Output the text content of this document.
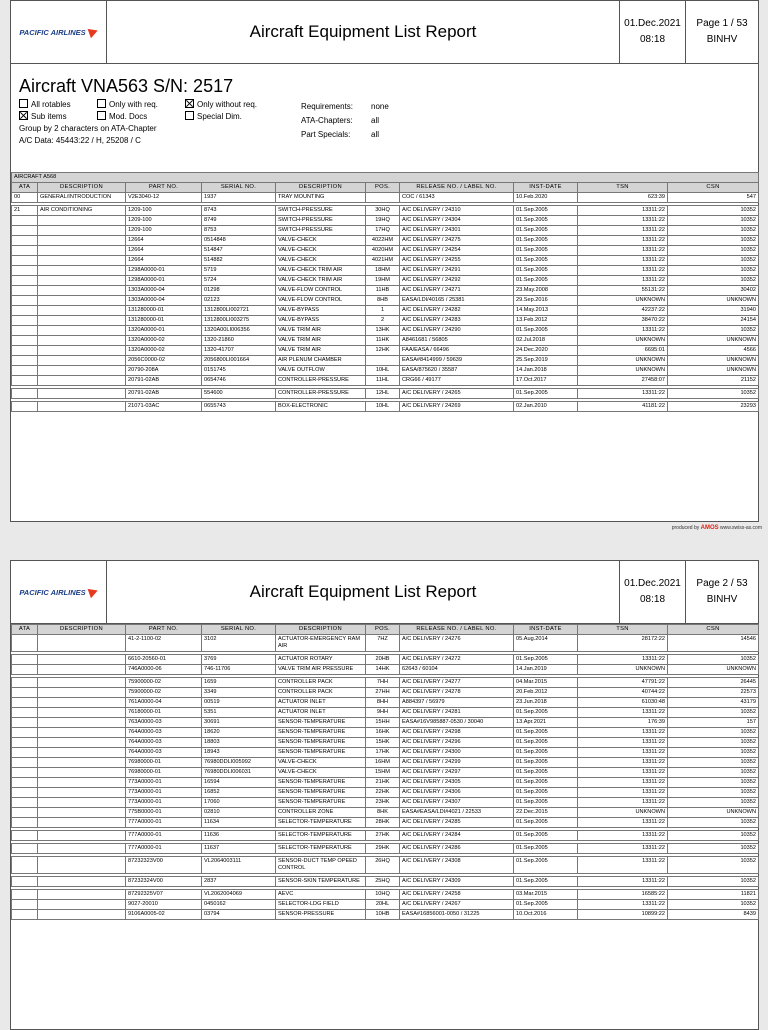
PACIFIC AIRLINES	Aircraft Equipment List Report	01.Dec.2021
08:18
Page 1 / 53
BINHV
Aircraft VNA563 S/N: 2517
All rotables	Only with req.	Only without req.
Sub items	Mod. Docs	Special Dim.
Group by 2 characters on ATA-Chapter
A/C Data: 45443:22 / H, 25208 / C
Requirements:	none
ATA-Chapters:	all
Part Specials:	all
AIRCRAFT A568									
ATA	DESCRIPTION	PART NO.	SERIAL NO.	DESCRIPTION	POS.	RELEASE NO. / LABEL NO.	INST-DATE	TSN	CSN
00	GENERAL/INTRODUCTION	V2E3040-12	1937	TRAY MOUNTING		COC / 61343	10.Feb.2020	623:39	547

21	AIR CONDITIONING	1209-100	8743	SWITCH-PRESSURE	30HQ	A/C DELIVERY / 24310	01.Sep.2005	13311:22	10352
		1209-100	8749	SWITCH-PRESSURE	19HQ	A/C DELIVERY / 24304	01.Sep.2005	13311:22	10352
		1209-100	8753	SWITCH-PRESSURE	17HQ	A/C DELIVERY / 24301	01.Sep.2005	13311:22	10352
		12664	0514848	VALVE-CHECK	4022HM	A/C DELIVERY / 24275	01.Sep.2005	13311:22	10352
		12664	514847	VALVE-CHECK	4020HM	A/C DELIVERY / 24254	01.Sep.2005	13311:22	10352
		12664	514882	VALVE-CHECK	4021HM	A/C DELIVERY / 24255	01.Sep.2005	13311:22	10352
		1298A0000-01	5719	VALVE-CHECK TRIM AIR	18HM	A/C DELIVERY / 24291	01.Sep.2005	13311:22	10352
		1298A0000-01	5724	VALVE-CHECK TRIM AIR	19HM	A/C DELIVERY / 24292	01.Sep.2005	13311:22	10352
		1303A0000-04	01298	VALVE-FLOW CONTROL	11HB	A/C DELIVERY / 24271	23.May.2008	55131:22	30402
		1303A0000-04	02123	VALVE-FLOW CONTROL	8HB	EASA/LDI/40165 / 25381	29.Sep.2016	UNKNOWN	UNKNOWN
		131280000-01	1312800LI002721	VALVE-BYPASS	1	A/C DELIVERY / 24282	14.May.2013	42237:22	31940
		131280000-01	1312800LI003275	VALVE-BYPASS	2	A/C DELIVERY / 24283	13.Feb.2012	38470:22	24154
		1320A0000-01	1320A00LI006356	VALVE TRIM AIR	13HK	A/C DELIVERY / 24290	01.Sep.2005	13311:22	10352
		1320A0000-02	1320-21860	VALVE TRIM AIR	11HK	A8461681 / 56805	02.Jul.2018	UNKNOWN	UNKNOWN
		1320A0000-02	1320-41707	VALVE TRIM AIR	12HK	FAA/EASA / 66496	24.Dec.2020	6695:01	4566
		2056C0000-02	2056800LI001664	AIR PLENUM CHAMBER		EASA#8414999 / 59639	25.Sep.2019	UNKNOWN	UNKNOWN
		20790-208A	0151745	VALVE OUTFLOW	10HL	EASA/875620 / 35587	14.Jan.2018	UNKNOWN	UNKNOWN
		20791-02AB	0654746	CONTROLLER-PRESSURE	11HL	CRG66 / 49177	17.Oct.2017	27458:07	21152

		20791-02AB	554600	CONTROLLER-PRESSURE	12HL	A/C DELIVERY / 24265	01.Sep.2005	13311:22	10352

		21071-03AC	0655743	BOX-ELECTRONIC	10HL	A/C DELIVERY / 24269	02.Jan.2010	41181:22	23293
produced by AMOS www.swiss-as.com
PACIFIC AIRLINES	Aircraft Equipment List Report	01.Dec.2021
08:18
Page 2 / 53
BINHV
ATA	DESCRIPTION	PART NO.	SERIAL NO.	DESCRIPTION	POS.	RELEASE NO. / LABEL NO.	INST-DATE	TSN	CSN
		41-2-1100-02	3102	ACTUATOR-EMERGENCY RAM AIR	7HZ	A/C DELIVERY / 24276	05.Aug.2014	28172:22	14546

		6610-20560-01	3769	ACTUATOR ROTARY	20HB	A/C DELIVERY / 24272	01.Sep.2005	13311:22	10352
		746A0000-06	746-11706	VALVE TRIM AIR PRESSURE	14HK	62643 / 60104	14.Jan.2019	UNKNOWN	UNKNOWN

		75900000-02	1659	CONTROLLER PACK	7HH	A/C DELIVERY / 24277	04.Mar.2015	47791:22	26445
		75900000-02	3349	CONTROLLER PACK	27HH	A/C DELIVERY / 24278	20.Feb.2012	40744:22	22573
		761A0000-04	00519	ACTUATOR INLET	8HH	A884397 / 56979	23.Jun.2018	61030:48	43179
		76180000-01	5351	ACTUATOR INLET	9HH	A/C DELIVERY / 24281	01.Sep.2005	13311:22	10352
		763A0000-03	30691	SENSOR-TEMPERATURE	15HH	EASA#16V985887-0530 / 30040	13.Apr.2021	176:39	157
		764A0000-03	18620	SENSOR-TEMPERATURE	16HK	A/C DELIVERY / 24298	01.Sep.2005	13311:22	10352
		764A0000-03	18803	SENSOR-TEMPERATURE	15HK	A/C DELIVERY / 24296	01.Sep.2005	13311:22	10352
		764A0000-03	18943	SENSOR-TEMPERATURE	17HK	A/C DELIVERY / 24300	01.Sep.2005	13311:22	10352
		76980000-01	76980DDLI005992	VALVE-CHECK	16HM	A/C DELIVERY / 24299	01.Sep.2005	13311:22	10352
		76980000-01	76980DDLI006031	VALVE-CHECK	15HM	A/C DELIVERY / 24297	01.Sep.2005	13311:22	10352
		773A0000-01	16594	SENSOR-TEMPERATURE	21HK	A/C DELIVERY / 24305	01.Sep.2005	13311:22	10352
		773A0000-01	16852	SENSOR-TEMPERATURE	22HK	A/C DELIVERY / 24306	01.Sep.2005	13311:22	10352
		773A0000-01	17060	SENSOR-TEMPERATURE	23HK	A/C DELIVERY / 24307	01.Sep.2005	13311:22	10352
		775B0000-01	02810	CONTROLLER ZONE	8HK	EASA#EASA/LDI#4021 / 22533	22.Dec.2015	UNKNOWN	UNKNOWN
		777A0000-01	11634	SELECTOR-TEMPERATURE	28HK	A/C DELIVERY / 24285	01.Sep.2005	13311:22	10352

		777A0000-01	11636	SELECTOR-TEMPERATURE	27HK	A/C DELIVERY / 24284	01.Sep.2005	13311:22	10352

		777A0000-01	11637	SELECTOR-TEMPERATURE	29HK	A/C DELIVERY / 24286	01.Sep.2005	13311:22	10352

		87232323V00	VL2064003111	SENSOR-DUCT TEMP OPEED CONTROL	26HQ	A/C DELIVERY / 24308	01.Sep.2005	13311:22	10352

		87232324V00	2837	SENSOR-SKIN TEMPERATURE	25HQ	A/C DELIVERY / 24309	01.Sep.2005	13311:22	10352

		87292325V07	VL2062004069	AEVC	10HQ	A/C DELIVERY / 24258	03.Mar.2015	16585:22	11821
		9027-20010	0450162	SELECTOR-LDG FIELD	20HL	A/C DELIVERY / 24267	01.Sep.2005	13311:22	10352
		9106A0005-02	03794	SENSOR-PRESSURE	10HB	EASA#16856001-0050 / 31225	10.Oct.2016	10899:22	8439
